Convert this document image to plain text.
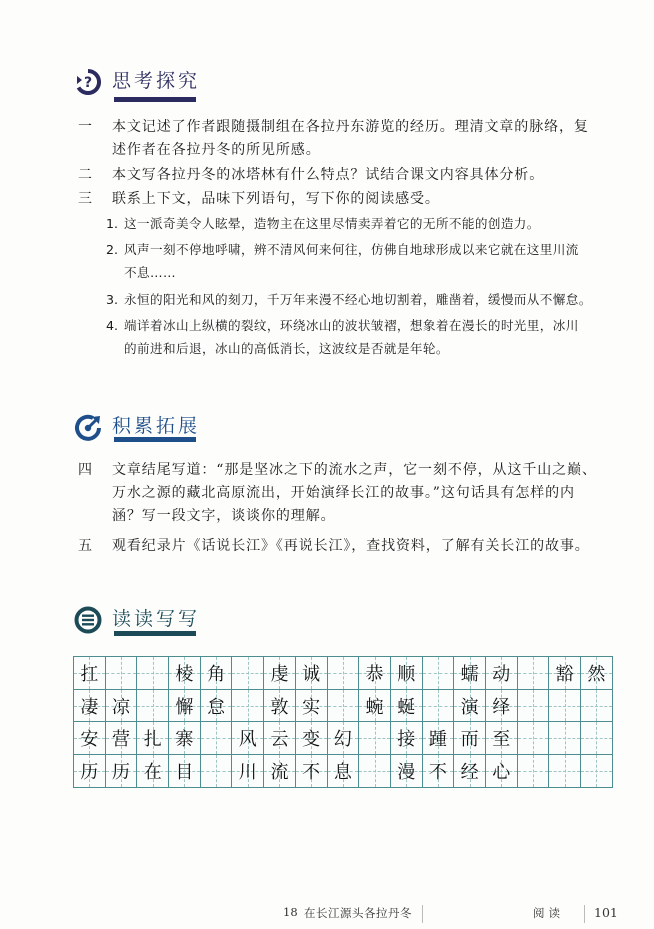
? 思考探究
一	本文记述了作者跟随摄制组在各拉丹东游览的经历。理清文章的脉络，复
述作者在各拉丹冬的所见所感。
二	本文写各拉丹冬的冰塔林有什么特点？试结合课文内容具体分析。
三	联系上下文，品味下列语句，写下你的阅读感受。
1. 这一派奇美令人眩晕，造物主在这里尽情卖弄着它的无所不能的创造力。
2. 风声一刻不停地呼啸，辨不清风何来何往，仿佛自地球形成以来它就在这里川流
不息……
3. 永恒的阳光和风的刻刀，千万年来漫不经心地切割着，雕凿着，缓慢而从不懈怠。
4. 端详着冰山上纵横的裂纹，环绕冰山的波状皱褶，想象着在漫长的时光里，冰川
的前进和后退，冰山的高低消长，这波纹是否就是年轮。
积累拓展
四	文章结尾写道：“那是坚冰之下的流水之声，它一刻不停，从这千山之巅、
万水之源的藏北高原流出，开始演绎长江的故事。”这句话具有怎样的内
涵？写一段文字，谈谈你的理解。
五	观看纪录片《话说长江》《再说长江》，查找资料，了解有关长江的故事。
读读写写
扛	棱 角	虔 诚	恭 顺	蠕 动	豁 然
凄 凉	懈 怠	敦 实	蜿 蜒	演 绎
安 营 扎 寨	风 云 变 幻	接 踵 而 至
历 历 在 目	川 流 不 息	漫 不 经 心
18 在长江源头各拉丹冬	阅读 101
